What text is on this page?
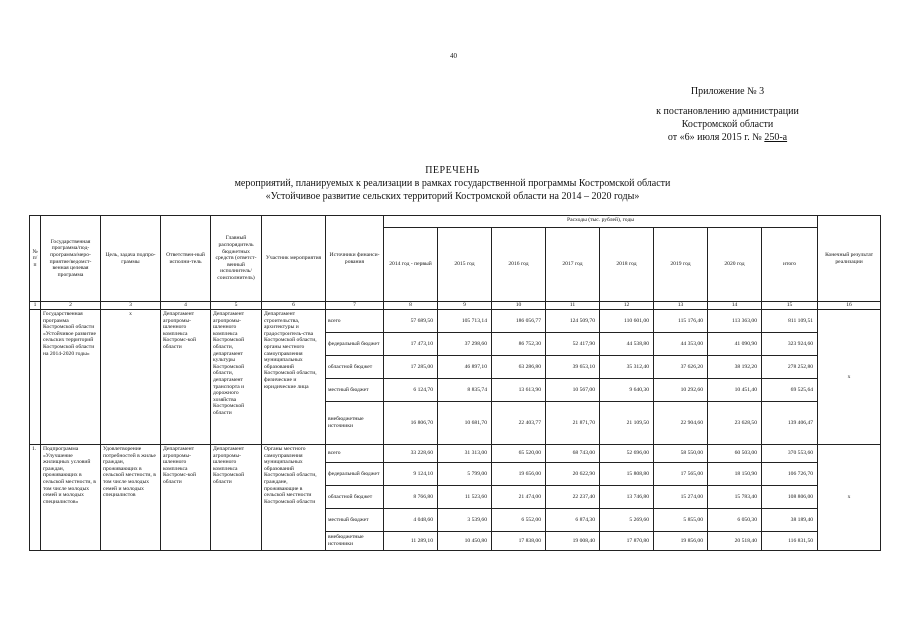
40
Приложение № 3
к постановлению администрации
Костромской области
от «6» июля 2015 г. № 250-а
ПЕРЕЧЕНЬ
мероприятий, планируемых к реализации в рамках государственной программы Костромской области
«Устойчивое развитие сельских территорий Костромской области на 2014 – 2020 годы»
№ п/п	Государственная программа/под-программа/меро-приятие/ведомст-венная целевая программа	Цель, задача подпро-граммы	Ответствен-ный исполни-тель	Главный распорядитель бюджетных средств (ответст-венный исполнитель/ соисполнитель)	Участник мероприятия	Источники финанси-рования	Расходы (тыс. рублей), годы								Конечный результат реализации
							2014 год - первый	2015 год	2016 год	2017 год	2018 год	2019 год	2020 год	итого	
1	2	3	4	5	6	7	8	9	10	11	12	13	14	15	16
	Государственная программа Костромской области «Устойчивое развитие сельских территорий Костромской области на 2014-2020 годы»	х	Департамент агропромы-шленного комплекса Костромс-кой области	Департамент агропромы-шленного комплекса Костромской области, департамент культуры Костромской области, департамент транспорта и дорожного хозяйства Костромской области	Департамент строительства, архитектуры и градостроитель-ства Костромской области, органы местного самоуправления муниципальных образований Костромской области, физические и юридические лица	всего	57 689,50	105 713,14	186 056,77	124 509,70	110 601,00	115 176,40	113 363,00	811 109,51	х
						федеральный бюджет	17 473,10	37 298,60	86 752,30	52 417,90	44 538,80	44 353,00	41 090,90	323 924,60	
						областной бюджет	17 285,00	46 897,10	63 286,80	39 653,10	35 312,40	37 626,20	38 192,20	278 252,80	
						местный бюджет	6 124,70	8 835,74	13 613,90	10 567,00	9 640,30	10 292,60	10 451,40	69 525,64	
						внебюджетные источники	16 806,70	10 681,70	22 403,77	21 871,70	21 109,50	22 904,60	23 628,50	139 406,47	
1.	Подпрограмма «Улучшение жилищных условий граждан, проживающих в сельской местности, в том числе молодых семей и молодых специалистов»	Удовлетворение потребностей в жилье граждан, проживающих в сельской местности, в том числе молодых семей и молодых специалистов	Департамент агропромы-шленного комплекса Костромс-кой области	Департамент агропромы-шленного комплекса Костромской области	Органы местного самоуправления муниципальных образований Костромской области, граждане, проживающие в сельской местности Костромской области	всего	33 228,60	31 313,00	65 520,00	68 743,00	52 696,00	58 550,00	60 503,00	370 553,60	х
						федеральный бюджет	9 124,10	5 799,00	19 656,00	20 622,90	15 808,80	17 565,00	18 150,90	106 726,70	
						областной бюджет	8 766,80	11 523,60	21 474,00	22 237,40	13 746,80	15 274,00	15 783,40	108 806,00	
						местный бюджет	4 048,60	3 539,60	6 552,00	6 874,30	5 269,60	5 855,00	6 050,30	38 189,40	
						внебюджетные источники	11 289,10	10 450,80	17 838,00	19 008,40	17 870,80	19 856,00	20 518,40	116 831,50	
